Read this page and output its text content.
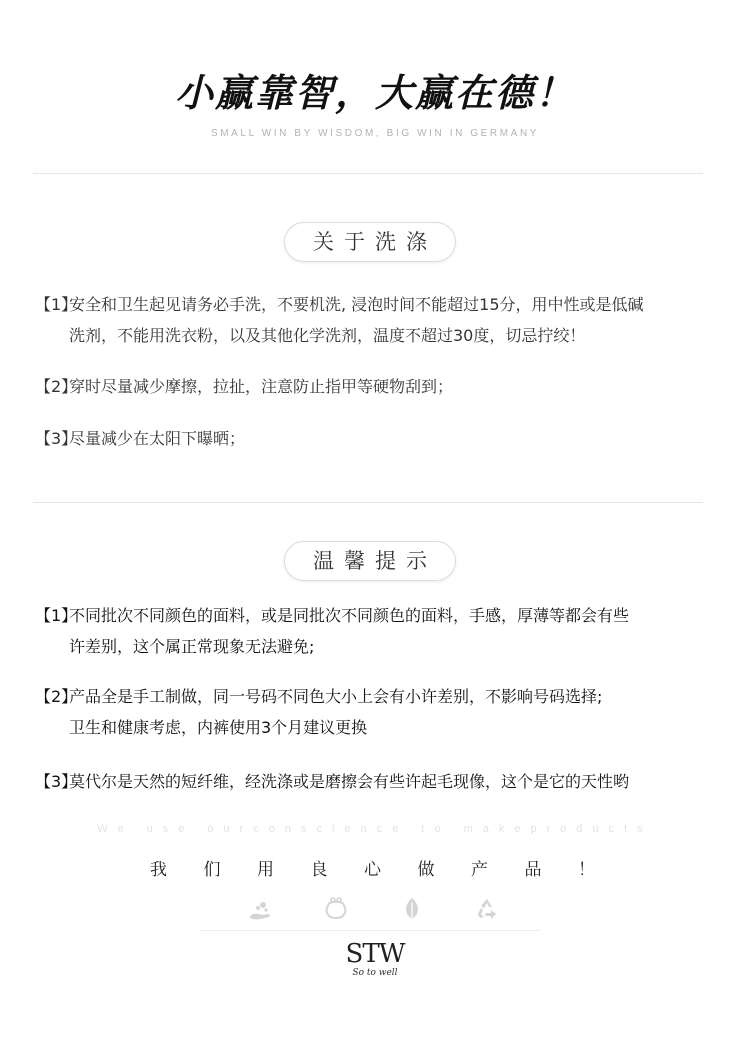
小赢靠智，大赢在德！
SMALL WIN BY WISDOM, BIG WIN IN GERMANY
关于洗涤
【1】安全和卫生起见请务必手洗，不要机洗, 浸泡时间不能超过15分，用中性或是低碱
洗剂，不能用洗衣粉，以及其他化学洗剂，温度不超过30度，切忌拧绞！
【2】穿时尽量减少摩擦，拉扯，注意防止指甲等硬物刮到；
【3】尽量减少在太阳下曝晒；
温馨提示
【1】不同批次不同颜色的面料，或是同批次不同颜色的面料，手感，厚薄等都会有些
许差别，这个属正常现象无法避免;
【2】产品全是手工制做，同一号码不同色大小上会有小许差别，不影响号码选择;
卫生和健康考虑，内裤使用3个月建议更换
【3】莫代尔是天然的短纤维，经洗涤或是磨擦会有些许起毛现像，这个是它的天性哟
We use ourconscience to makeproducts
我 们 用 良 心 做 产 品 ！
STW
So to well
